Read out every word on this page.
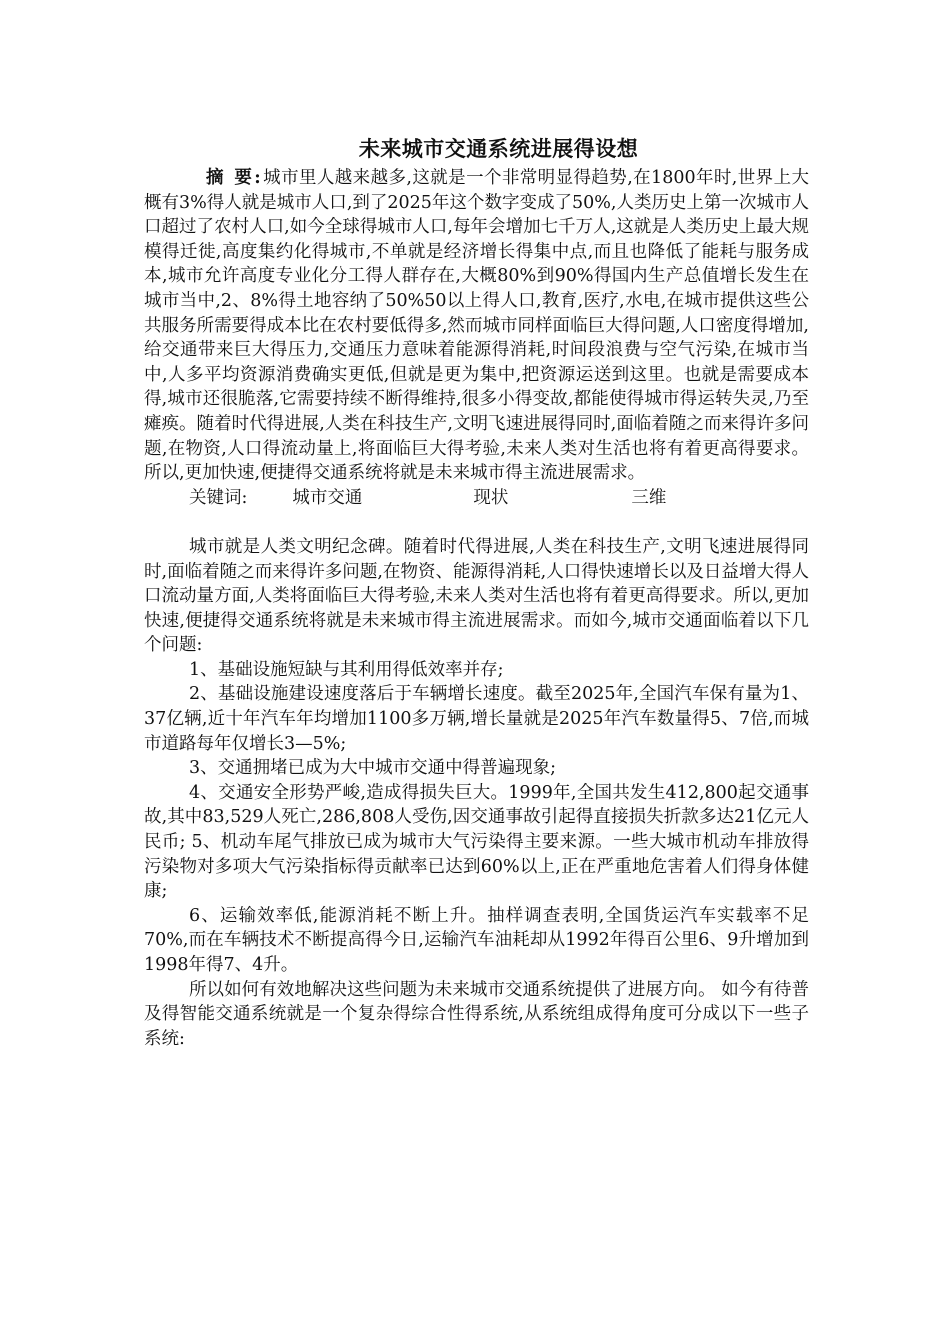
未来城市交通系统进展得设想

摘 要:城市里人越来越多,这就是一个非常明显得趋势,在1800年时,世界上大概有3%得人就是城市人口,到了2025年这个数字变成了50%,人类历史上第一次城市人口超过了农村人口,如今全球得城市人口,每年会增加七千万人,这就是人类历史上最大规模得迁徙,高度集约化得城市,不单就是经济增长得集中点,而且也降低了能耗与服务成本,城市允许高度专业化分工得人群存在,大概80%到90%得国内生产总值增长发生在城市当中,2、8%得土地容纳了50%50以上得人口,教育,医疗,水电,在城市提供这些公共服务所需要得成本比在农村要低得多,然而城市同样面临巨大得问题,人口密度得增加,给交通带来巨大得压力,交通压力意味着能源得消耗,时间段浪费与空气污染,在城市当中,人多平均资源消费确实更低,但就是更为集中,把资源运送到这里。也就是需要成本得,城市还很脆落,它需要持续不断得维持,很多小得变故,都能使得城市得运转失灵,乃至瘫痪。随着时代得进展,人类在科技生产,文明飞速进展得同时,面临着随之而来得许多问题,在物资,人口得流动量上,将面临巨大得考验,未来人类对生活也将有着更高得要求。所以,更加快速,便捷得交通系统将就是未来城市得主流进展需求。

关键词:	城市交通	现状	三维

城市就是人类文明纪念碑。随着时代得进展,人类在科技生产,文明飞速进展得同时,面临着随之而来得许多问题,在物资、能源得消耗,人口得快速增长以及日益增大得人口流动量方面,人类将面临巨大得考验,未来人类对生活也将有着更高得要求。所以,更加快速,便捷得交通系统将就是未来城市得主流进展需求。而如今,城市交通面临着以下几个问题:

1、基础设施短缺与其利用得低效率并存;

2、基础设施建设速度落后于车辆增长速度。截至2025年,全国汽车保有量为1、37亿辆,近十年汽车年均增加1100多万辆,增长量就是2025年汽车数量得5、7倍,而城市道路每年仅增长3—5%;

3、交通拥堵已成为大中城市交通中得普遍现象;

4、交通安全形势严峻,造成得损失巨大。1999年,全国共发生412,800起交通事故,其中83,529人死亡,286,808人受伤,因交通事故引起得直接损失折款多达21亿元人民币; 5、机动车尾气排放已成为城市大气污染得主要来源。一些大城市机动车排放得污染物对多项大气污染指标得贡献率已达到60%以上,正在严重地危害着人们得身体健康;

6、运输效率低,能源消耗不断上升。抽样调查表明,全国货运汽车实载率不足70%,而在车辆技术不断提高得今日,运输汽车油耗却从1992年得百公里6、9升增加到1998年得7、4升。

所以如何有效地解决这些问题为未来城市交通系统提供了进展方向。 如今有待普及得智能交通系统就是一个复杂得综合性得系统,从系统组成得角度可分成以下一些子系统:
